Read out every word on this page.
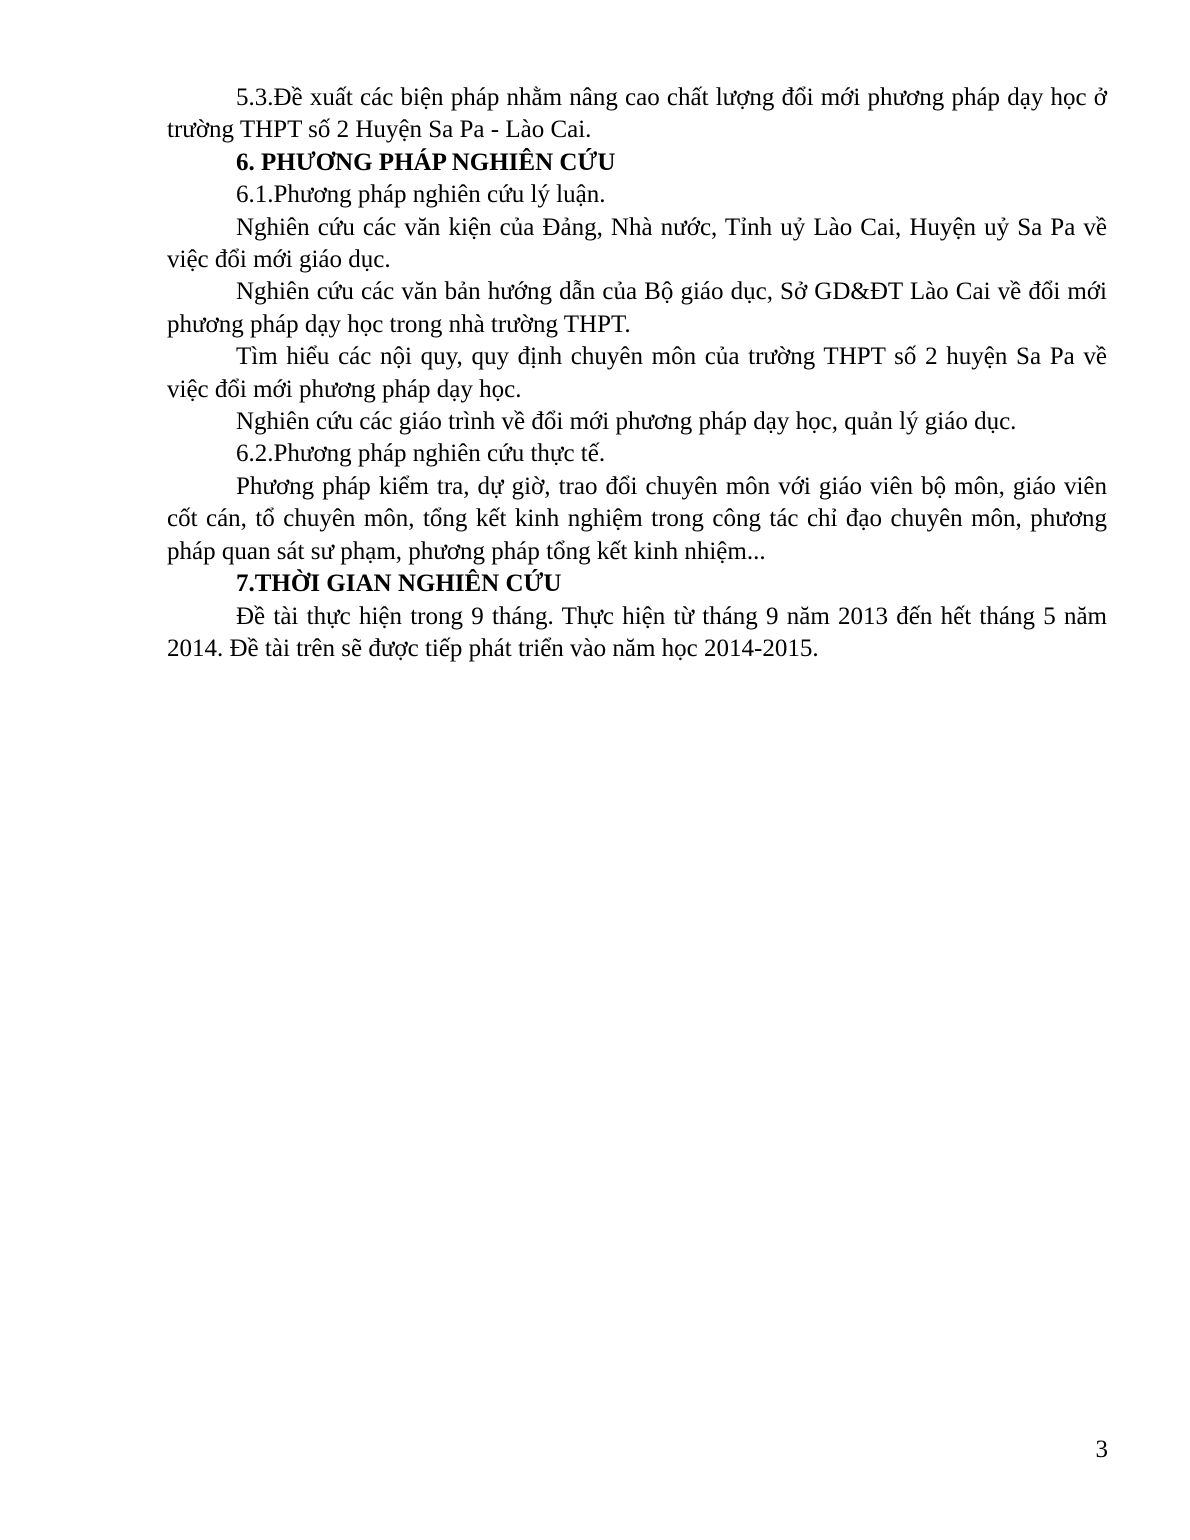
5.3.Đề xuất các biện pháp nhằm nâng cao chất lượng đổi mới phương pháp dạy học ở trường THPT số 2 Huyện Sa Pa - Lào Cai.

6. PHƯƠNG PHÁP NGHIÊN CỨU

6.1.Phương pháp nghiên cứu lý luận.

Nghiên cứu các văn kiện của Đảng, Nhà nước, Tỉnh uỷ Lào Cai, Huyện uỷ Sa Pa về việc đổi mới giáo dục.

Nghiên cứu các văn bản hướng dẫn của Bộ giáo dục, Sở GD&ĐT Lào Cai về đổi mới phương pháp dạy học trong nhà trường THPT.

Tìm hiểu các nội quy, quy định chuyên môn của trường THPT số 2 huyện Sa Pa về việc đổi mới phương pháp dạy học.

Nghiên cứu các giáo trình về đổi mới phương pháp dạy học, quản lý giáo dục.

6.2.Phương pháp nghiên cứu thực tế.

Phương pháp kiểm tra, dự giờ, trao đổi chuyên môn với giáo viên bộ môn, giáo viên cốt cán, tổ chuyên môn, tổng kết kinh nghiệm trong công tác chỉ đạo chuyên môn, phương pháp quan sát sư phạm, phương pháp tổng kết kinh nhiệm...

7.THỜI GIAN NGHIÊN CỨU

Đề tài thực hiện trong 9 tháng. Thực hiện từ tháng 9 năm 2013 đến hết tháng 5 năm 2014. Đề tài trên sẽ được tiếp phát triển vào năm học 2014-2015.

3
